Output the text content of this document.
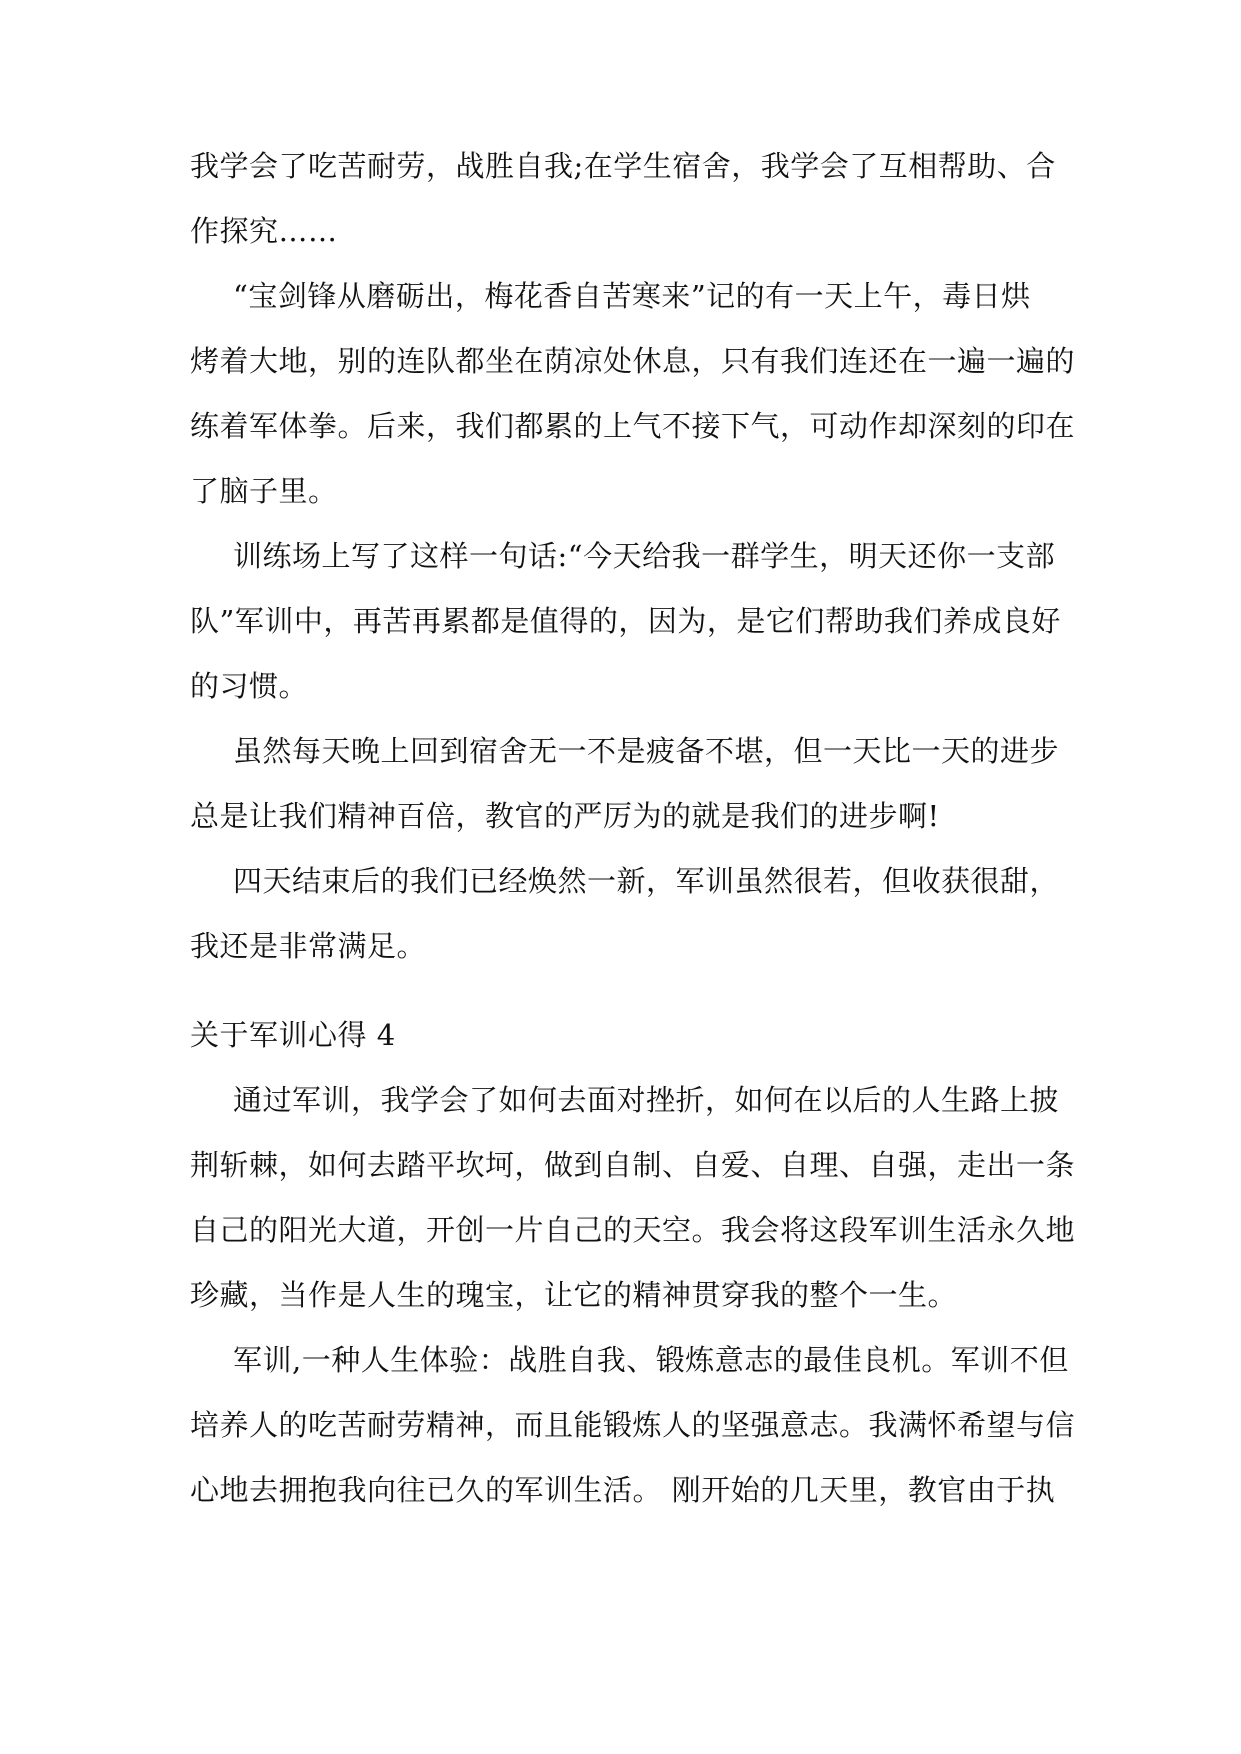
我学会了吃苦耐劳，战胜自我;在学生宿舍，我学会了互相帮助、合
作探究……
“宝剑锋从磨砺出，梅花香自苦寒来”记的有一天上午，毒日烘
烤着大地，别的连队都坐在荫凉处休息，只有我们连还在一遍一遍的
练着军体拳。后来，我们都累的上气不接下气，可动作却深刻的印在
了脑子里。
训练场上写了这样一句话:“今天给我一群学生，明天还你一支部
队”军训中，再苦再累都是值得的，因为，是它们帮助我们养成良好
的习惯。
虽然每天晚上回到宿舍无一不是疲备不堪，但一天比一天的进步
总是让我们精神百倍，教官的严厉为的就是我们的进步啊!
四天结束后的我们已经焕然一新，军训虽然很若，但收获很甜，
我还是非常满足。
关于军训心得 4
通过军训，我学会了如何去面对挫折，如何在以后的人生路上披
荆斩棘，如何去踏平坎坷，做到自制、自爱、自理、自强，走出一条
自己的阳光大道，开创一片自己的天空。我会将这段军训生活永久地
珍藏，当作是人生的瑰宝，让它的精神贯穿我的整个一生。
军训,一种人生体验：战胜自我、锻炼意志的最佳良机。军训不但
培养人的吃苦耐劳精神，而且能锻炼人的坚强意志。我满怀希望与信
心地去拥抱我向往已久的军训生活。 刚开始的几天里，教官由于执
